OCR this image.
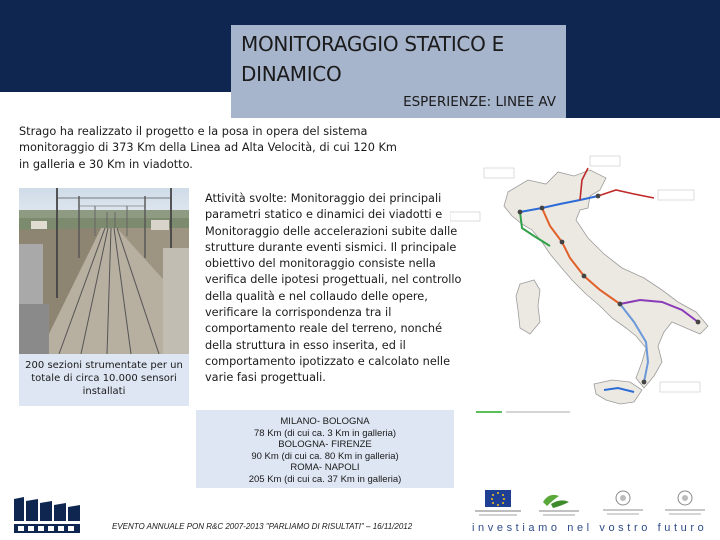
MONITORAGGIO STATICO E DINAMICO
ESPERIENZE: LINEE AV

Strago ha realizzato il progetto e la posa in opera del sistema monitoraggio di 373 Km della Linea ad Alta Velocità, di cui 120 Km in galleria e 30 Km in viadotto.

200 sezioni strumentate per un totale di circa 10.000 sensori installati

Attività svolte: Monitoraggio dei principali parametri statico e dinamici dei viadotti e Monitoraggio delle accelerazioni subite dalle strutture durante eventi sismici. Il principale obiettivo del monitoraggio consiste nella verifica delle ipotesi progettuali, nel controllo della qualità e nel collaudo delle opere, verificare la corrispondenza tra il comportamento reale del terreno, nonché della struttura in esso inserita, ed il comportamento ipotizzato e calcolato nelle varie fasi progettuali.

MILANO- BOLOGNA
78 Km (di cui ca. 3 Km in galleria)
BOLOGNA- FIRENZE
90 Km (di cui ca. 80 Km in galleria)
ROMA- NAPOLI
205 Km (di cui ca. 37 Km in galleria)
EVENTO ANNUALE PON R&C 2007-2013 "PARLIAMO DI RISULTATI" – 16/11/2012	investiamo nel vostro futuro
